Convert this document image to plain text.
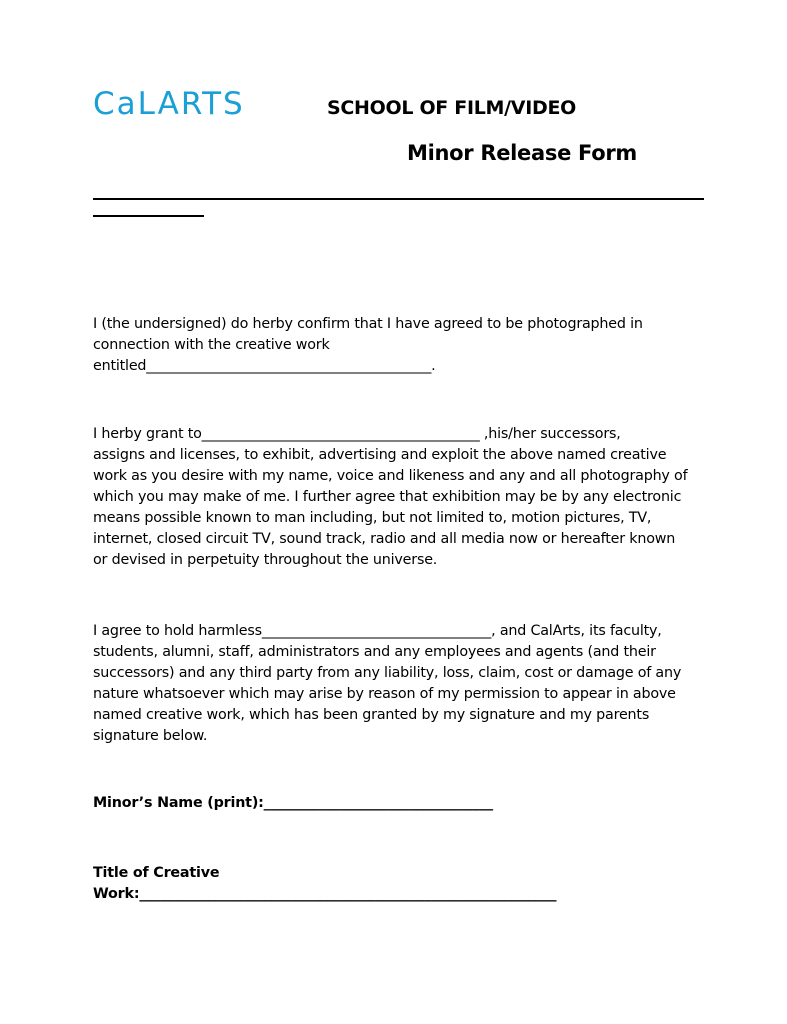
CaLARTS	SCHOOL OF FILM/VIDEO
Minor Release Form
I (the undersigned) do herby confirm that I have agreed to be photographed in
connection with the creative work
entitled_________________________________________.
I herby grant to________________________________________ ,his/her successors,
assigns and licenses, to exhibit, advertising and exploit the above named creative
work as you desire with my name, voice and likeness and any and all photography of
which you may make of me. I further agree that exhibition may be by any electronic
means possible known to man including, but not limited to, motion pictures, TV,
internet, closed circuit TV, sound track, radio and all media now or hereafter known
or devised in perpetuity throughout the universe.
I agree to hold harmless_________________________________, and CalArts, its faculty,
students, alumni, staff, administrators and any employees and agents (and their
successors) and any third party from any liability, loss, claim, cost or damage of any
nature whatsoever which may arise by reason of my permission to appear in above
named creative work, which has been granted by my signature and my parents
signature below.
Minor’s Name (print):_________________________________
Title of Creative
Work:____________________________________________________________
